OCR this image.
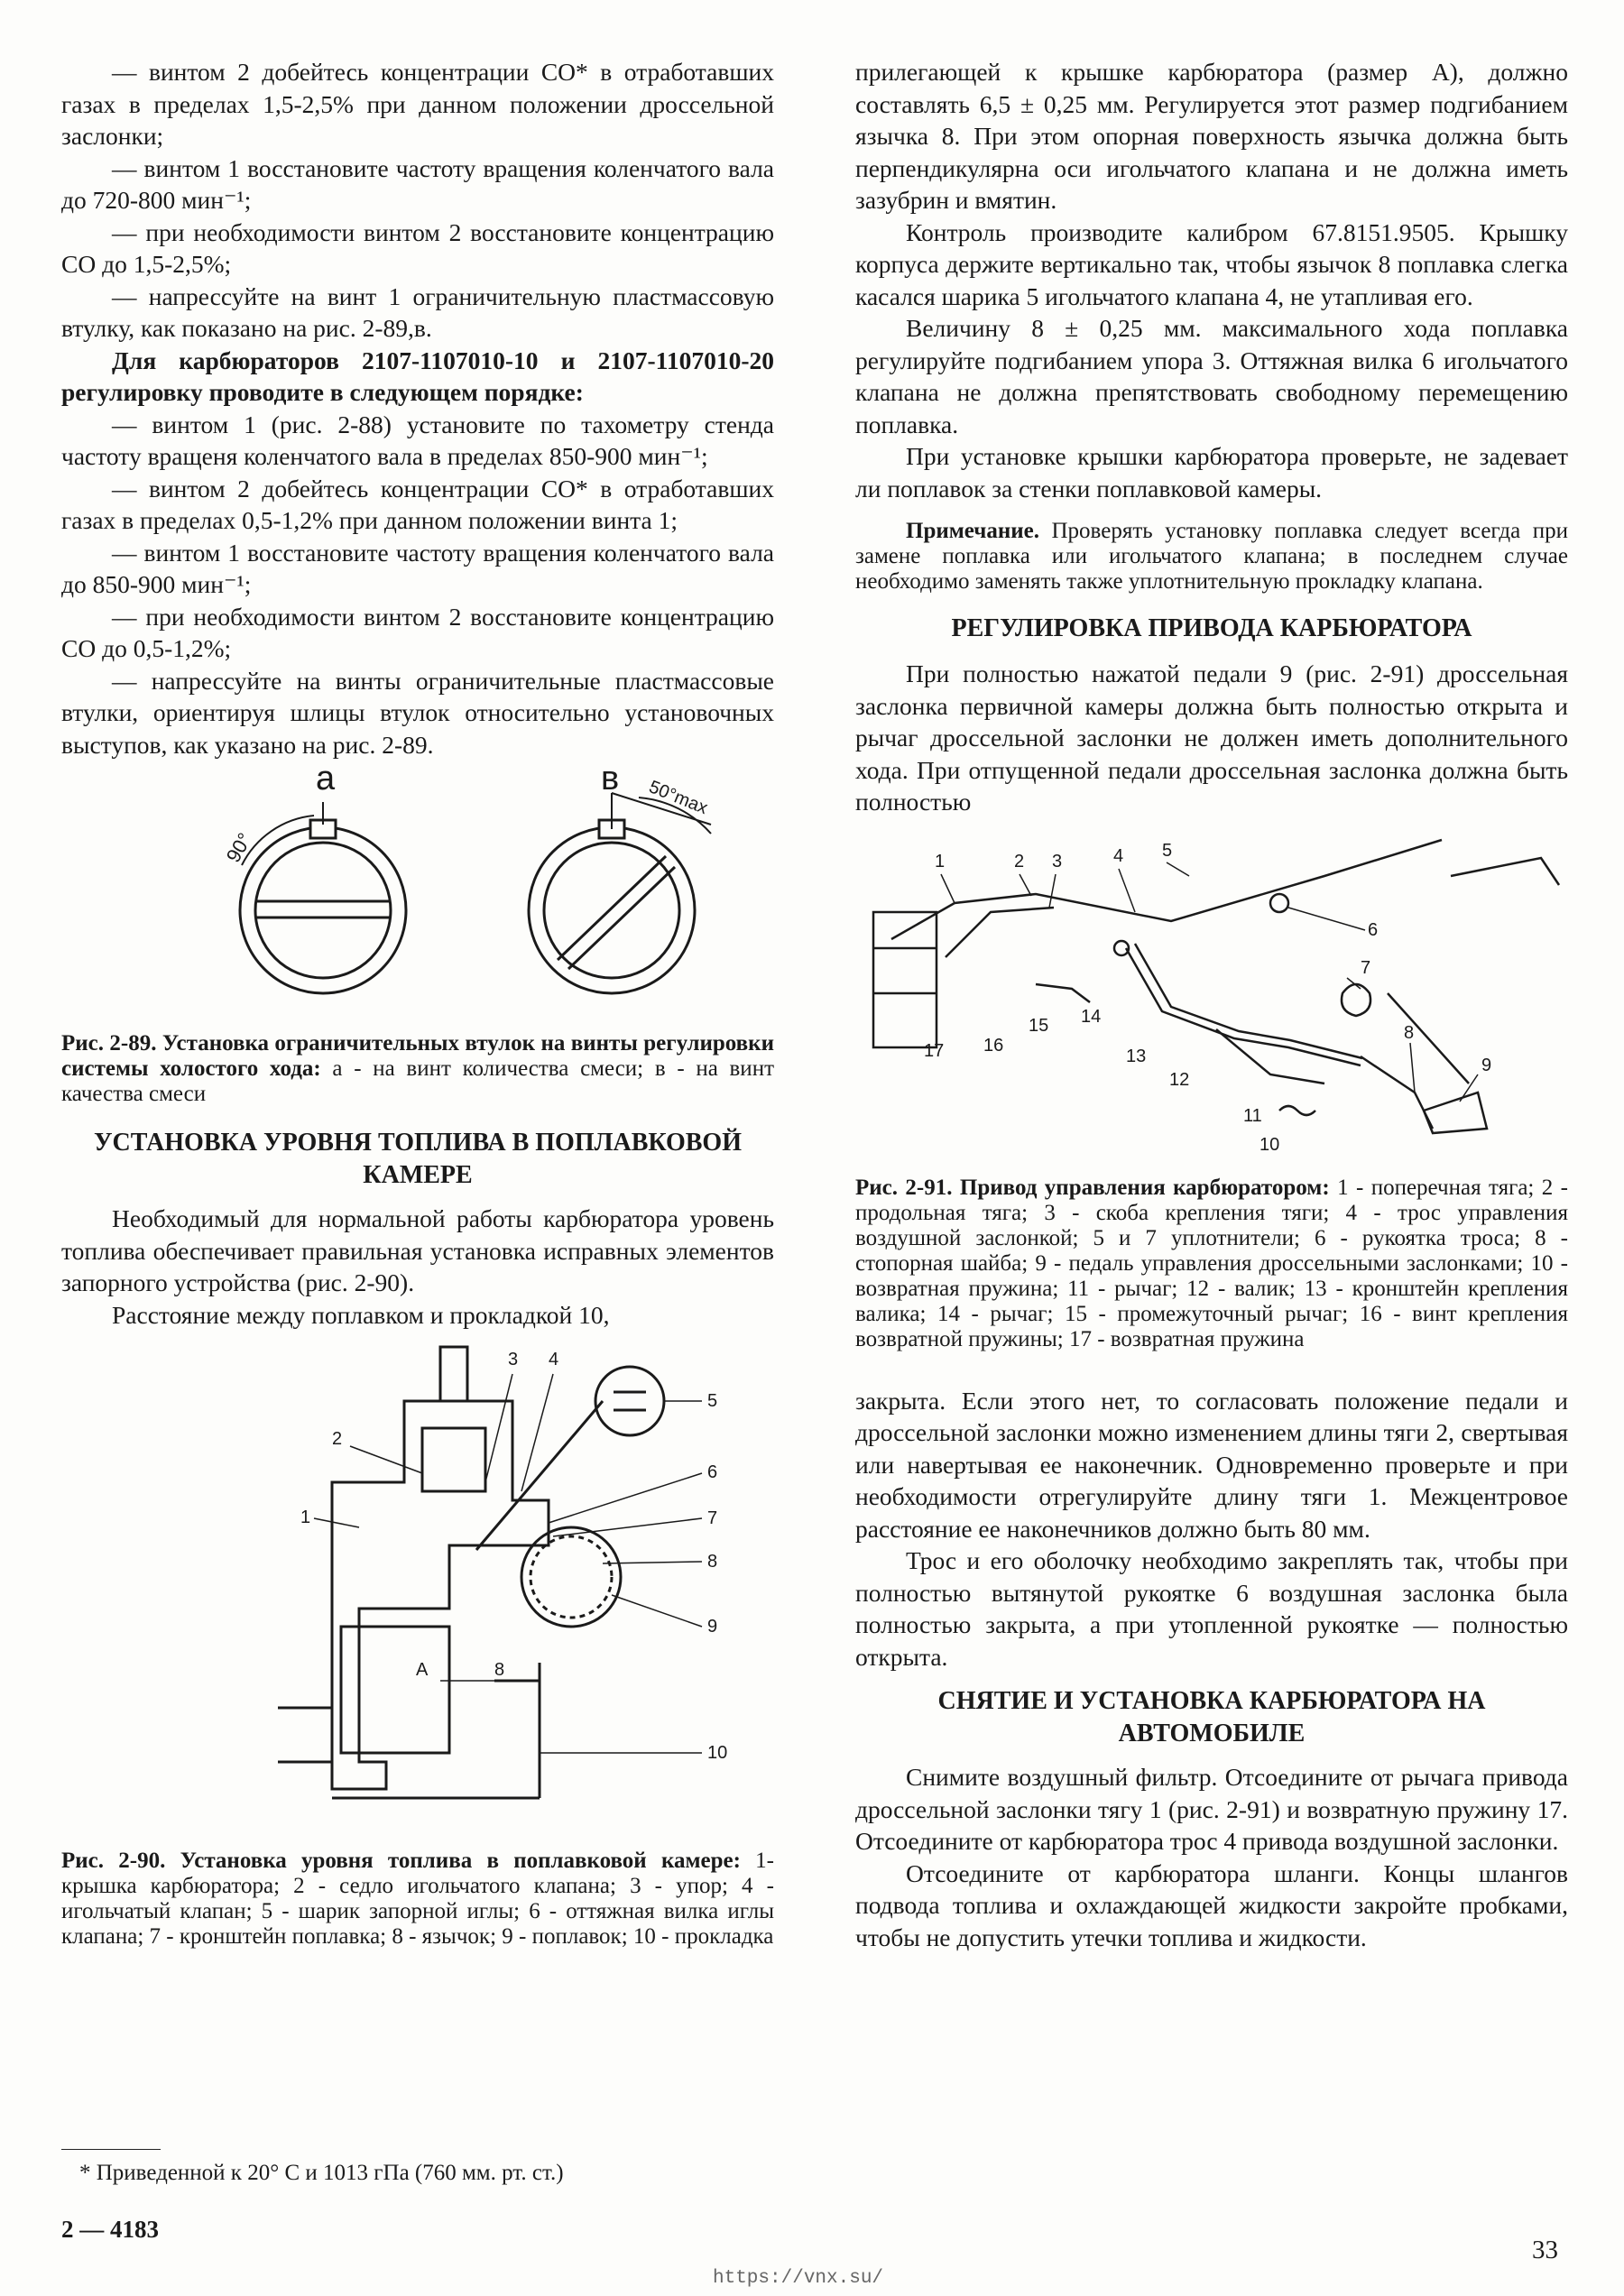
— винтом 2 добейтесь концентрации СО* в отработавших газах в пределах 1,5-2,5% при данном положении дроссельной заслонки;

— винтом 1 восстановите частоту вращения коленчатого вала до 720-800 мин⁻¹;

— при необходимости винтом 2 восстановите концентрацию СО до 1,5-2,5%;

— напрессуйте на винт 1 ограничительную пластмассовую втулку, как показано на рис. 2-89,в.

Для карбюраторов 2107-1107010-10 и 2107-1107010-20 регулировку проводите в следующем порядке:

— винтом 1 (рис. 2-88) установите по тахометру стенда частоту вращеня коленчатого вала в пределах 850-900 мин⁻¹;

— винтом 2 добейтесь концентрации СО* в отработавших газах в пределах 0,5-1,2% при данном положении винта 1;

— винтом 1 восстановите частоту вращения коленчатого вала до 850-900 мин⁻¹;

— при необходимости винтом 2 восстановите концентрацию СО до 0,5-1,2%;

— напрессуйте на винты ограничительные пластмассовые втулки, ориентируя шлицы втулок относительно установочных выступов, как указано на рис. 2-89.

а	в
90°
50°max

Рис. 2-89. Установка ограничительных втулок на винты регулировки системы холостого хода: а - на винт количества смеси; в - на винт качества смеси

УСТАНОВКА УРОВНЯ ТОПЛИВА В ПОПЛАВКОВОЙ КАМЕРЕ

Необходимый для нормальной работы карбюратора уровень топлива обеспечивает правильная установка исправных элементов запорного устройства (рис. 2-90).

Расстояние между поплавком и прокладкой 10,

2
1
3 4
5
6
7
8
9
10
A	8

Рис. 2-90. Установка уровня топлива в поплавковой камере: 1- крышка карбюратора; 2 - седло игольчатого клапана; 3 - упор; 4 - игольчатый клапан; 5 - шарик запорной иглы; 6 - оттяжная вилка иглы клапана; 7 - кронштейн поплавка; 8 - язычок; 9 - поплавок; 10 - прокладка

* Приведенной к 20° С и 1013 гПа (760 мм. рт. ст.)

2 — 4183

прилегающей к крышке карбюратора (размер А), должно составлять 6,5 ± 0,25 мм. Регулируется этот размер подгибанием язычка 8. При этом опорная поверхность язычка должна быть перпендикулярна оси игольчатого клапана и не должна иметь зазубрин и вмятин.

Контроль производите калибром 67.8151.9505. Крышку корпуса держите вертикально так, чтобы язычок 8 поплавка слегка касался шарика 5 игольчатого клапана 4, не утапливая его.

Величину 8 ± 0,25 мм. максимального хода поплавка регулируйте подгибанием упора 3. Оттяжная вилка 6 игольчатого клапана не должна препятствовать свободному перемещению поплавка.

При установке крышки карбюратора проверьте, не задевает ли поплавок за стенки поплавковой камеры.

Примечание. Проверять установку поплавка следует всегда при замене поплавка или игольчатого клапана; в последнем случае необходимо заменять также уплотнительную прокладку клапана.

РЕГУЛИРОВКА ПРИВОДА КАРБЮРАТОРА

При полностью нажатой педали 9 (рис. 2-91) дроссельная заслонка первичной камеры должна быть полностью открыта и рычаг дроссельной заслонки не должен иметь дополнительного хода. При отпущенной педали дроссельная заслонка должна быть полностью

1	2 3	4 5
6
7
8
9
10
11
12
13
14
15
16
17

Рис. 2-91. Привод управления карбюратором: 1 - поперечная тяга; 2 - продольная тяга; 3 - скоба крепления тяги; 4 - трос управления воздушной заслонкой; 5 и 7 уплотнители; 6 - рукоятка троса; 8 - стопорная шайба; 9 - педаль управления дроссельными заслонками; 10 - возвратная пружина; 11 - рычаг; 12 - валик; 13 - кронштейн крепления валика; 14 - рычаг; 15 - промежуточный рычаг; 16 - винт крепления возвратной пружины; 17 - возвратная пружина

закрыта. Если этого нет, то согласовать положение педали и дроссельной заслонки можно изменением длины тяги 2, свертывая или навертывая ее наконечник. Одновременно проверьте и при необходимости отрегулируйте длину тяги 1. Межцентровое расстояние ее наконечников должно быть 80 мм.

Трос и его оболочку необходимо закреплять так, чтобы при полностью вытянутой рукоятке 6 воздушная заслонка была полностью закрыта, а при утопленной рукоятке — полностью открыта.

СНЯТИЕ И УСТАНОВКА КАРБЮРАТОРА НА АВТОМОБИЛЕ

Снимите воздушный фильтр. Отсоедините от рычага привода дроссельной заслонки тягу 1 (рис. 2-91) и возвратную пружину 17. Отсоедините от карбюратора трос 4 привода воздушной заслонки.

Отсоедините от карбюратора шланги. Концы шлангов подвода топлива и охлаждающей жидкости закройте пробками, чтобы не допустить утечки топлива и жидкости.

33
https://vnx.su/
